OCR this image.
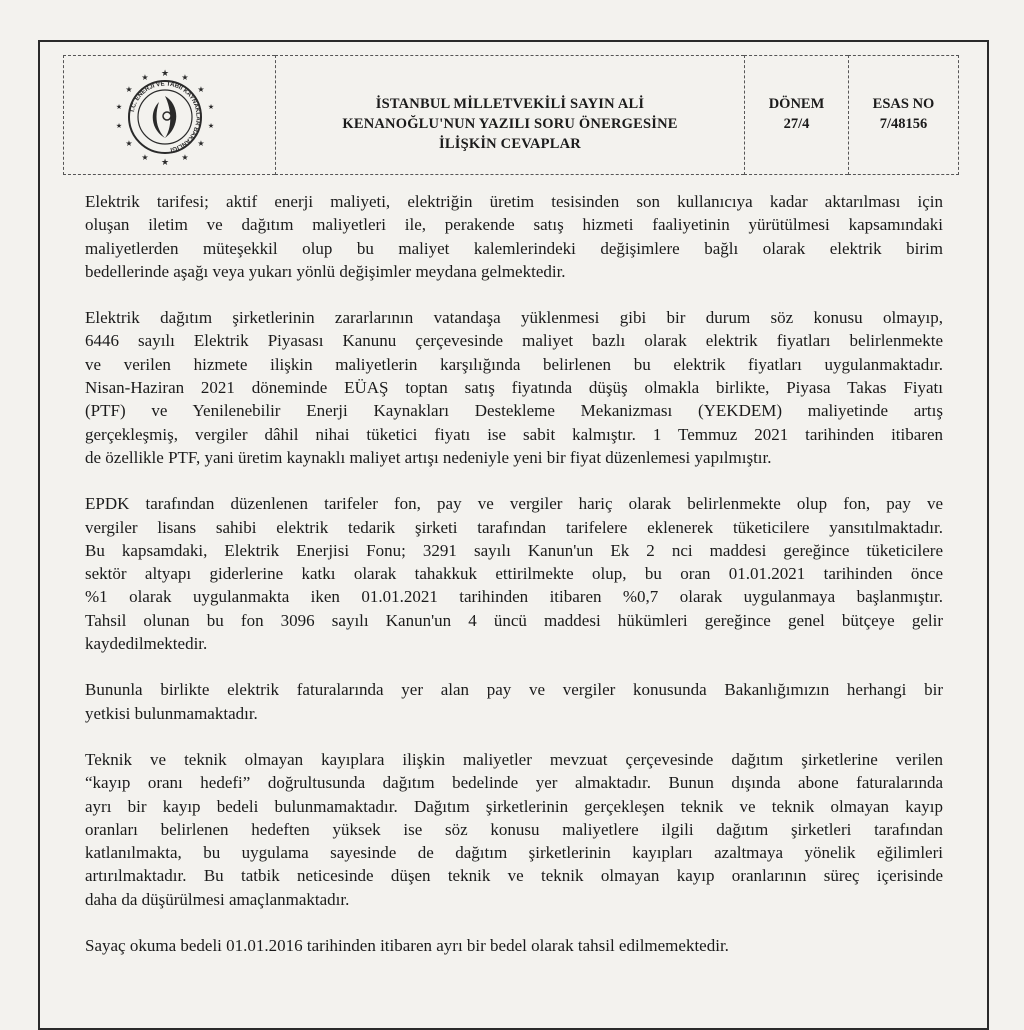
★
★	★
★	★
★	★
★	★
★	★
★	★
★
T.C. ENERJİ VE TABİİ KAYNAKLAR BAKANLIĞI
İSTANBUL MİLLETVEKİLİ SAYIN ALİ
KENANOĞLU'NUN YAZILI SORU ÖNERGESİNE
İLİŞKİN CEVAPLAR
DÖNEM
27/4
ESAS NO
7/48156

Elektrik tarifesi; aktif enerji maliyeti, elektriğin üretim tesisinden son kullanıcıya kadar aktarılması için
oluşan iletim ve dağıtım maliyetleri ile, perakende satış hizmeti faaliyetinin yürütülmesi kapsamındaki
maliyetlerden müteşekkil olup bu maliyet kalemlerindeki değişimlere bağlı olarak elektrik birim
bedellerinde aşağı veya yukarı yönlü değişimler meydana gelmektedir.

Elektrik dağıtım şirketlerinin zararlarının vatandaşa yüklenmesi gibi bir durum söz konusu olmayıp,
6446 sayılı Elektrik Piyasası Kanunu çerçevesinde maliyet bazlı olarak elektrik fiyatları belirlenmekte
ve verilen hizmete ilişkin maliyetlerin karşılığında belirlenen bu elektrik fiyatları uygulanmaktadır.
Nisan-Haziran 2021 döneminde EÜAŞ toptan satış fiyatında düşüş olmakla birlikte, Piyasa Takas Fiyatı
(PTF) ve Yenilenebilir Enerji Kaynakları Destekleme Mekanizması (YEKDEM) maliyetinde artış
gerçekleşmiş, vergiler dâhil nihai tüketici fiyatı ise sabit kalmıştır. 1 Temmuz 2021 tarihinden itibaren
de özellikle PTF, yani üretim kaynaklı maliyet artışı nedeniyle yeni bir fiyat düzenlemesi yapılmıştır.

EPDK tarafından düzenlenen tarifeler fon, pay ve vergiler hariç olarak belirlenmekte olup fon, pay ve
vergiler lisans sahibi elektrik tedarik şirketi tarafından tarifelere eklenerek tüketicilere yansıtılmaktadır.
Bu kapsamdaki, Elektrik Enerjisi Fonu; 3291 sayılı Kanun'un Ek 2 nci maddesi gereğince tüketicilere
sektör altyapı giderlerine katkı olarak tahakkuk ettirilmekte olup, bu oran 01.01.2021 tarihinden önce
%1 olarak uygulanmakta iken 01.01.2021 tarihinden itibaren %0,7 olarak uygulanmaya başlanmıştır.
Tahsil olunan bu fon 3096 sayılı Kanun'un 4 üncü maddesi hükümleri gereğince genel bütçeye gelir
kaydedilmektedir.

Bununla birlikte elektrik faturalarında yer alan pay ve vergiler konusunda Bakanlığımızın herhangi bir
yetkisi bulunmamaktadır.

Teknik ve teknik olmayan kayıplara ilişkin maliyetler mevzuat çerçevesinde dağıtım şirketlerine verilen
“kayıp oranı hedefi” doğrultusunda dağıtım bedelinde yer almaktadır. Bunun dışında abone faturalarında
ayrı bir kayıp bedeli bulunmamaktadır. Dağıtım şirketlerinin gerçekleşen teknik ve teknik olmayan kayıp
oranları belirlenen hedeften yüksek ise söz konusu maliyetlere ilgili dağıtım şirketleri tarafından
katlanılmakta, bu uygulama sayesinde de dağıtım şirketlerinin kayıpları azaltmaya yönelik eğilimleri
artırılmaktadır. Bu tatbik neticesinde düşen teknik ve teknik olmayan kayıp oranlarının süreç içerisinde
daha da düşürülmesi amaçlanmaktadır.

Sayaç okuma bedeli 01.01.2016 tarihinden itibaren ayrı bir bedel olarak tahsil edilmemektedir.
